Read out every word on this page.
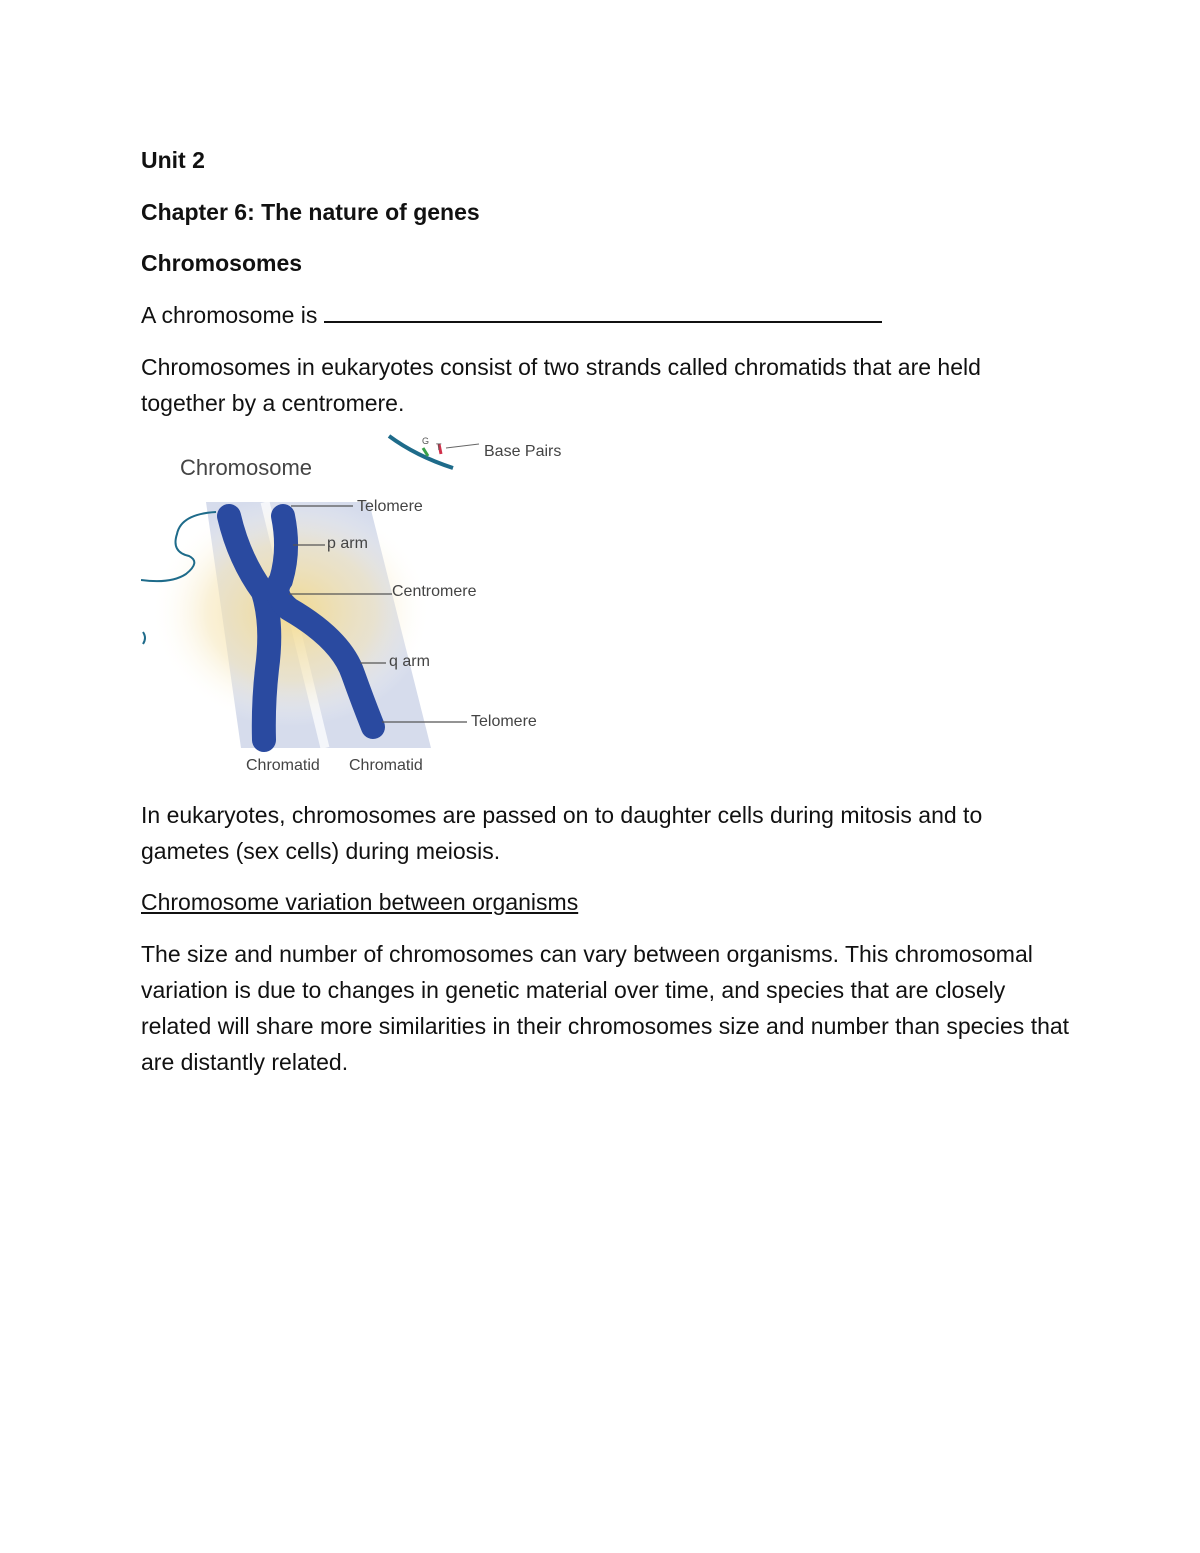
Unit 2

Chapter 6: The nature of genes

Chromosomes

A chromosome is

Chromosomes in eukaryotes consist of two strands called chromatids that are held together by a centromere.

G
T	Base Pairs
Chromosome
Telomere
p arm
Centromere
q arm
Telomere
Chromatid Chromatid

In eukaryotes, chromosomes are passed on to daughter cells during mitosis and to gametes (sex cells) during meiosis.

Chromosome variation between organisms

The size and number of chromosomes can vary between organisms. This chromosomal variation is due to changes in genetic material over time, and species that are closely related will share more similarities in their chromosomes size and number than species that are distantly related.
